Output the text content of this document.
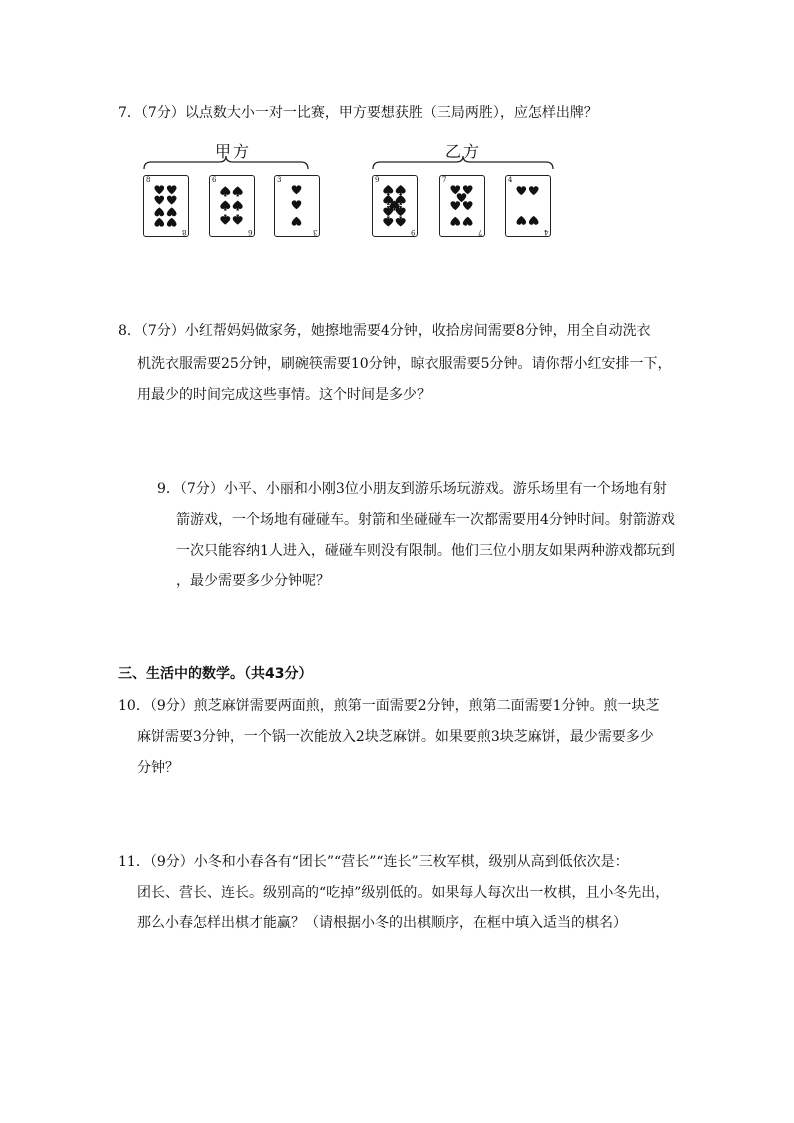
7．（7分）以点数大小一对一比赛，甲方要想获胜（三局两胜），应怎样出牌？
甲方
8
8
6
6
3
3
乙方
9
9
7
7
4
4
8．（7分）小红帮妈妈做家务，她擦地需要4分钟，收拾房间需要8分钟，用全自动洗衣
机洗衣服需要25分钟，刷碗筷需要10分钟，晾衣服需要5分钟。请你帮小红安排一下，
用最少的时间完成这些事情。这个时间是多少？
9．（7分）小平、小丽和小刚3位小朋友到游乐场玩游戏。游乐场里有一个场地有射
箭游戏，一个场地有碰碰车。射箭和坐碰碰车一次都需要用4分钟时间。射箭游戏
一次只能容纳1人进入，碰碰车则没有限制。他们三位小朋友如果两种游戏都玩到
，最少需要多少分钟呢？
三、生活中的数学。（共43分）
10．（9分）煎芝麻饼需要两面煎，煎第一面需要2分钟，煎第二面需要1分钟。煎一块芝
麻饼需要3分钟，一个锅一次能放入2块芝麻饼。如果要煎3块芝麻饼，最少需要多少
分钟？
11．（9分）小冬和小春各有“团长”“营长”“连长”三枚军棋，级别从高到低依次是：
团长、营长、连长。级别高的“吃掉”级别低的。如果每人每次出一枚棋，且小冬先出，
那么小春怎样出棋才能赢？（请根据小冬的出棋顺序，在框中填入适当的棋名）
